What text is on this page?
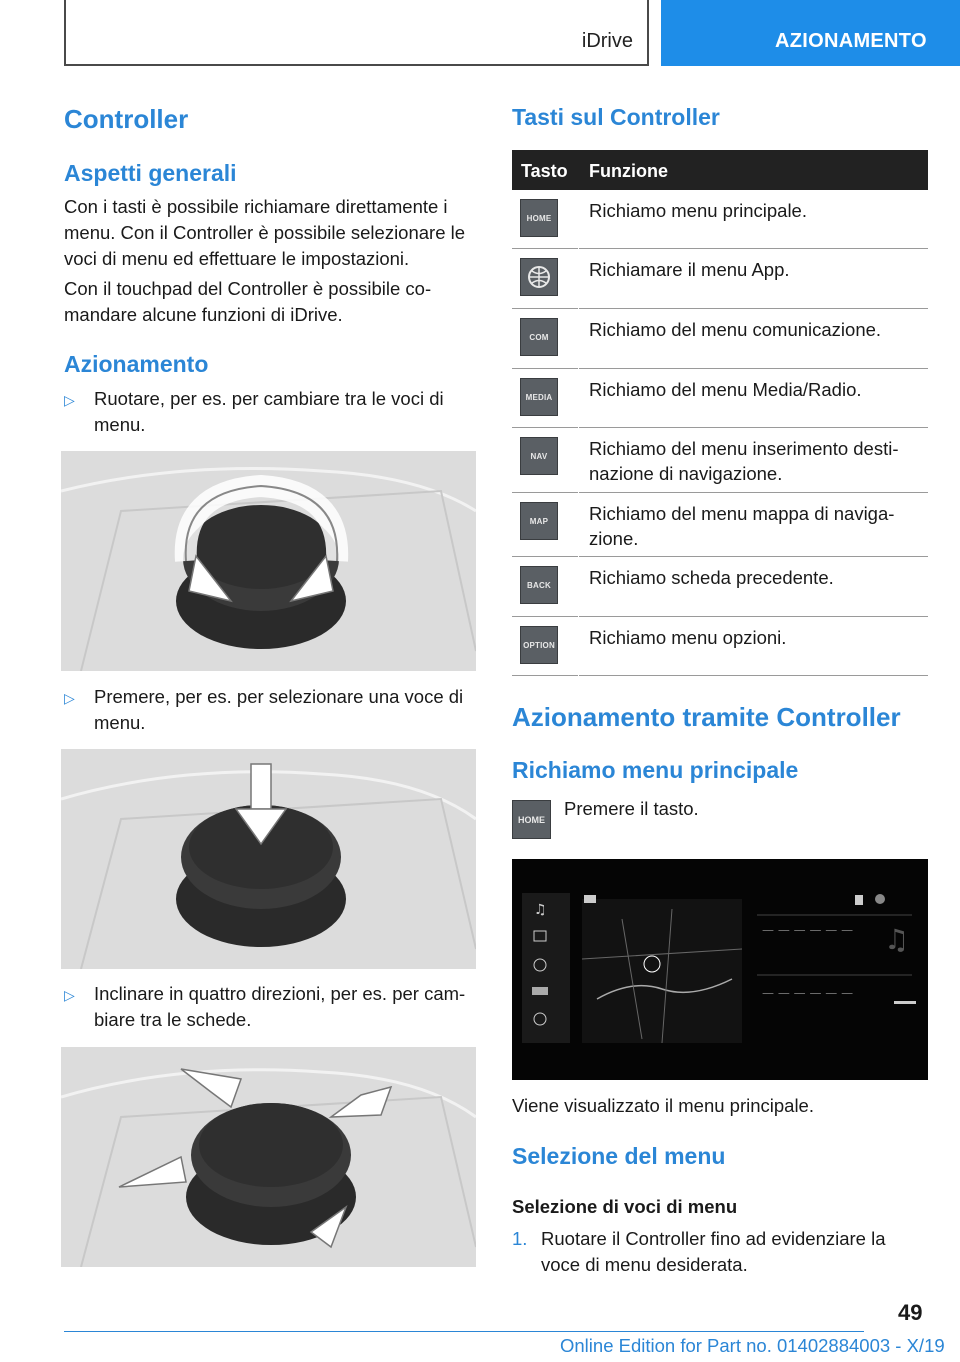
iDrive	AZIONAMENTO
Controller
Aspetti generali
Con i tasti è possibile richiamare direttamente i
menu. Con il Controller è possibile selezionare le
voci di menu ed effettuare le impostazioni.
Con il touchpad del Controller è possibile co‐
mandare alcune funzioni di iDrive.
Azionamento
▷ Ruotare, per es. per cambiare tra le voci di
menu.
▷ Premere, per es. per selezionare una voce di
menu.
▷ Inclinare in quattro direzioni, per es. per cam‐
biare tra le schede.
Tasti sul Controller
Tasto Funzione
HOME	Richiamo menu principale.
Richiamare il menu App.
COM	Richiamo del menu comunicazione.
MEDIA	Richiamo del menu Media/Radio.
NAV	Richiamo del menu inserimento desti‐
nazione di navigazione.
MAP	Richiamo del menu mappa di naviga‐
zione.
BACK	Richiamo scheda precedente.
OPTION Richiamo menu opzioni.
Azionamento tramite Controller
Richiamo menu principale
HOME
Premere il tasto.
♫
— — — — — —
— — — — — —
♫
Viene visualizzato il menu principale.
Selezione del menu
Selezione di voci di menu
1. Ruotare il Controller fino ad evidenziare la
voce di menu desiderata.
49
Online Edition for Part no. 01402884003 - X/19
